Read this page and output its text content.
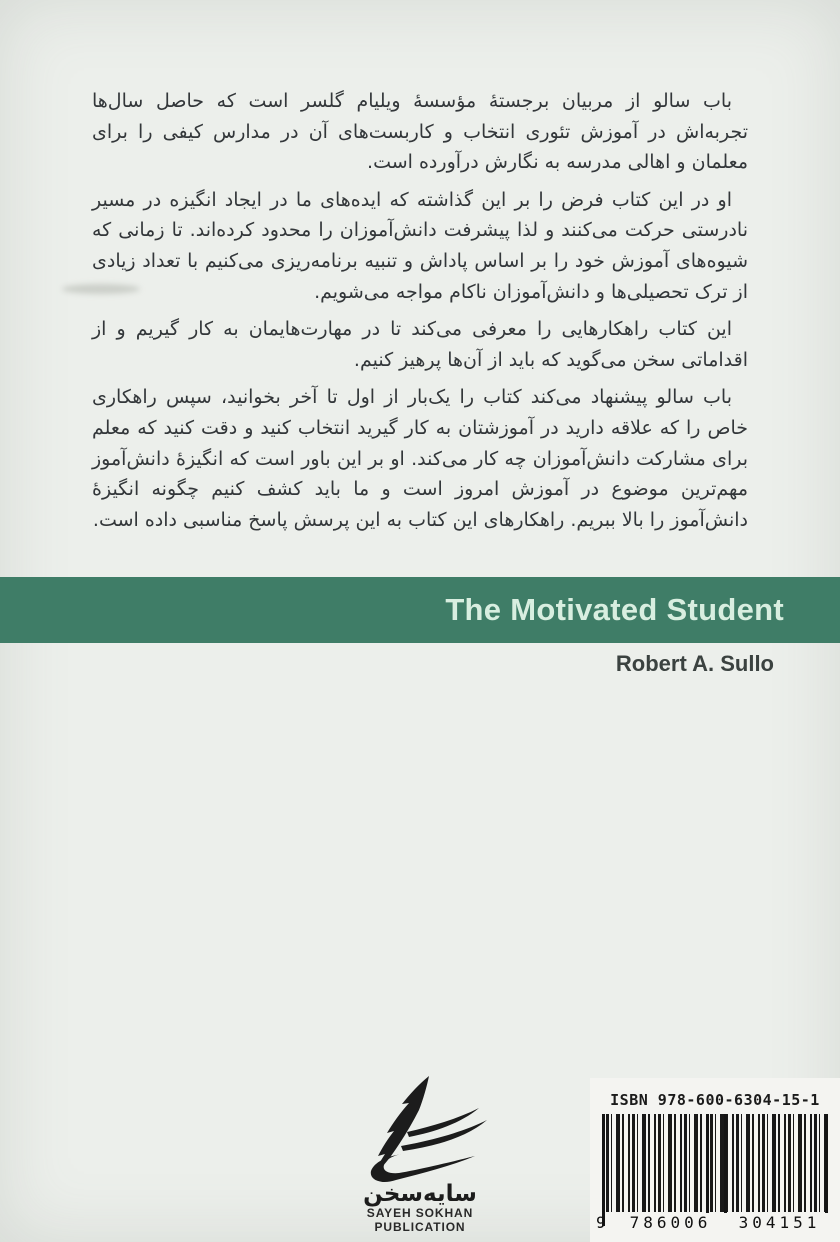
باب سالو از مربیان برجستهٔ مؤسسهٔ ویلیام گلسر است که حاصل سال‌ها تجربه‌اش در آموزش تئوری انتخاب و کاربست‌های آن در مدارس کیفی را برای معلمان و اهالی مدرسه به نگارش درآورده است.

او در این کتاب فرض را بر این گذاشته که ایده‌های ما در ایجاد انگیزه در مسیر نادرستی حرکت می‌کنند و لذا پیشرفت دانش‌آموزان را محدود کرده‌اند. تا زمانی که شیوه‌های آموزش خود را بر اساس پاداش و تنبیه برنامه‌ریزی می‌کنیم با تعداد زیادی از ترک تحصیلی‌ها و دانش‌آموزان ناکام مواجه می‌شویم.

این کتاب راهکارهایی را معرفی می‌کند تا در مهارت‌هایمان به کار گیریم و از اقداماتی سخن می‌گوید که باید از آن‌ها پرهیز کنیم.

باب سالو پیشنهاد می‌کند کتاب را یک‌بار از اول تا آخر بخوانید، سپس راهکاری خاص را که علاقه دارید در آموزشتان به کار گیرید انتخاب کنید و دقت کنید که معلم برای مشارکت دانش‌آموزان چه کار می‌کند. او بر این باور است که انگیزهٔ دانش‌آموز مهم‌ترین موضوع در آموزش امروز است و ما باید کشف کنیم چگونه انگیزهٔ دانش‌آموز را بالا ببریم. راهکارهای این کتاب به این پرسش پاسخ مناسبی داده است.

The Motivated Student
Robert A. Sullo
سایه‌سخن
SAYEH SOKHAN
PUBLICATION
ISBN 978-600-6304-15-1
9	786006	304151
